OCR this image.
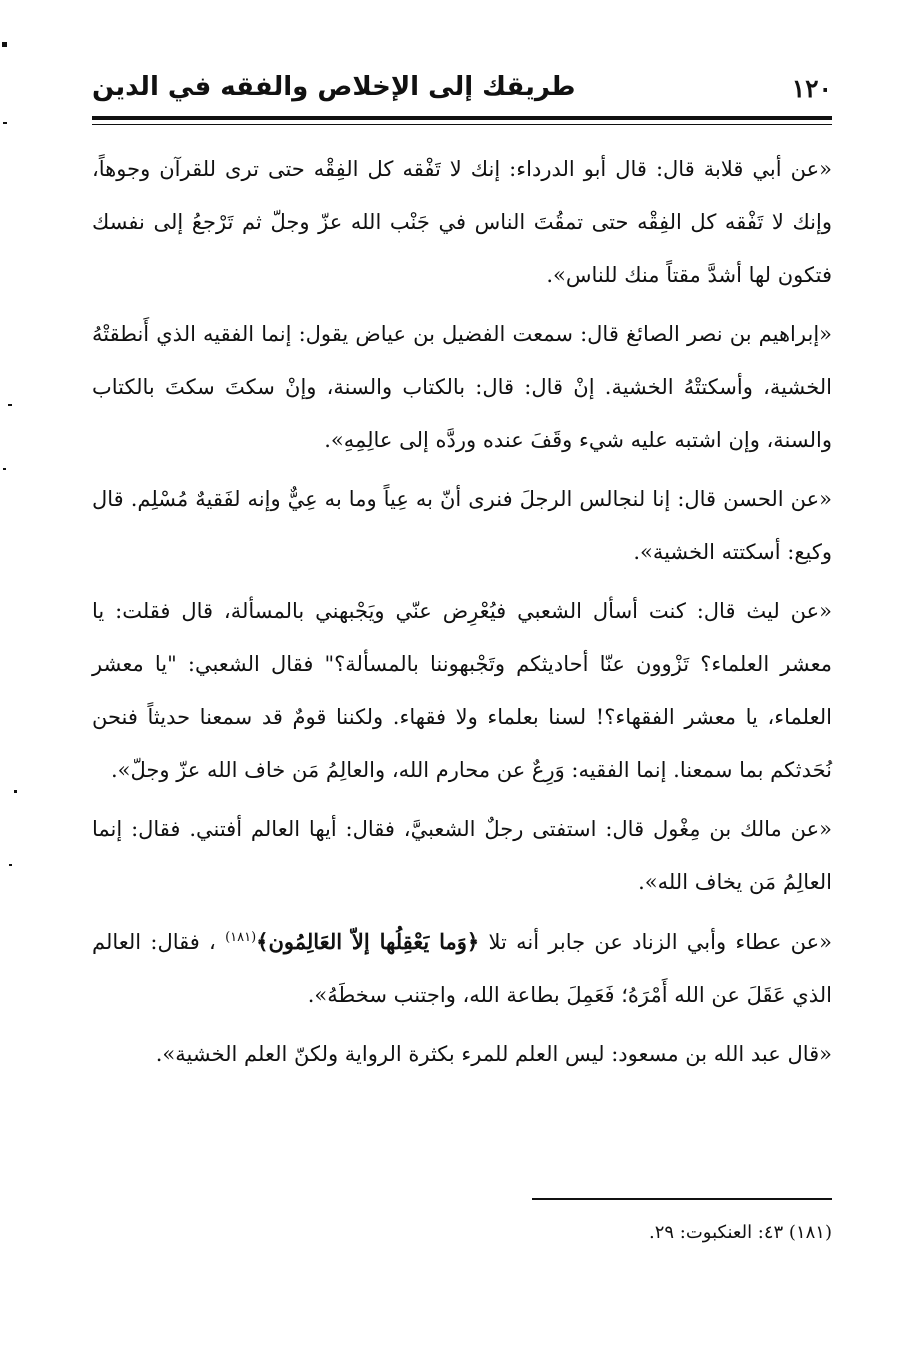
١٢٠
طريقك إلى الإخلاص والفقه في الدين

«عن أبي قلابة قال: قال أبو الدرداء: إنك لا تَفْقه كل الفِقْه حتى ترى للقرآن وجوهاً، وإنك لا تَفْقه كل الفِقْه حتى تمقُتَ الناس في جَنْب الله عزّ وجلّ ثم تَرْجعُ إلى نفسك فتكون لها أشدَّ مقتاً منك للناس».

«إبراهيم بن نصر الصائغ قال: سمعت الفضيل بن عياض يقول: إنما الفقيه الذي أَنطقتْهُ الخشية، وأسكتتْهُ الخشية. إنْ قال: قال: بالكتاب والسنة، وإنْ سكتَ سكتَ بالكتاب والسنة، وإن اشتبه عليه شيء وقَفَ عنده وردَّه إلى عالِمِهِ».

«عن الحسن قال: إنا لنجالس الرجلَ فنرى أنّ به عِياً وما به عِيٌّ وإنه لفَقيهٌ مُسْلِم. قال وكيع: أسكتته الخشية».

«عن ليث قال: كنت أسأل الشعبي فيُعْرِض عنّي ويَجْبهني بالمسألة، قال فقلت: يا معشر العلماء؟ تَزْوون عنّا أحاديثكم وتَجْبهوننا بالمسألة؟" فقال الشعبي: "يا معشر العلماء، يا معشر الفقهاء؟! لسنا بعلماء ولا فقهاء. ولكننا قومٌ قد سمعنا حديثاً فنحن نُحَدثكم بما سمعنا. إنما الفقيه: وَرِعٌ عن محارم الله، والعالِمُ مَن خاف الله عزّ وجلّ».

«عن مالك بن مِغْول قال: استفتى رجلٌ الشعبيَّ، فقال: أيها العالم أفتني. فقال: إنما العالِمُ مَن يخاف الله».

«عن عطاء وأبي الزناد عن جابر أنه تلا ﴿وَما يَعْقِلُها إلاّ العَالِمُون﴾$^{(١٨١)}$ ، فقال: العالم الذي عَقَلَ عن الله أَمْرَهُ؛ فَعَمِلَ بطاعة الله، واجتنب سخطَهُ».

«قال عبد الله بن مسعود: ليس العلم للمرء بكثرة الرواية ولكنّ العلم الخشية».

(١٨١) ٤٣: العنكبوت: ٢٩.
